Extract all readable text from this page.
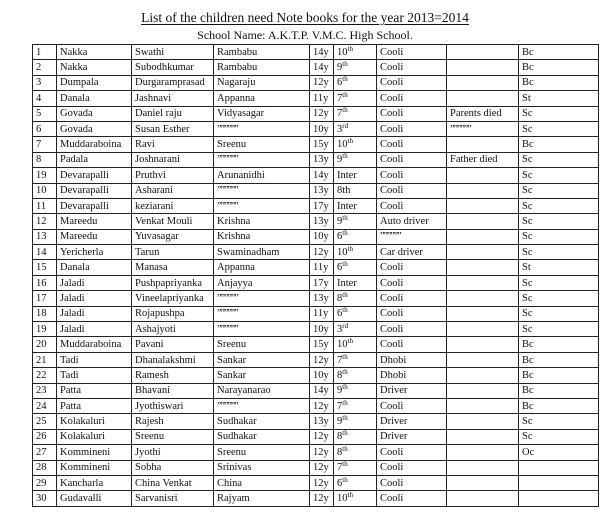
List of the children need Note books for the year 2013=2014
School Name: A.K.T.P. V.M.C. High School.
1	Nakka	Swathi	Rambabu	14y	10th	Cooli		Bc
2	Nakka	Subodhkumar	Rambabu	14y	9th	Cooli		Bc
3	Dumpala	Durgaramprasad	Nagaraju	12y	6th	Cooli		Bc
4	Danala	Jashnavi	Appanna	11y	7th	Cooli		St
5	Govada	Daniel raju	Vidyasagar	12y	7th	Cooli	Parents died	Sc
6	Govada	Susan Esther	””””””	10y	3rd	Cooli	””””””	Sc
7	Muddaraboina	Ravi	Sreenu	15y	10th	Cooli		Bc
8	Padala	Joshnarani	””””””	13y	9th	Cooli	Father died	Sc
19	Devarapalli	Pruthvi	Arunanidhi	14y	Inter	Cooli		Sc
10	Devarapalli	Asharani	””””””	13y	8th	Cooli		Sc
11	Devarapalli	keziarani	””””””	17y	Inter	Cooli		Sc
12	Mareedu	Venkat Mouli	Krishna	13y	9th	Auto driver		Sc
13	Mareedu	Yuvasagar	Krishna	10y	6th	””””””		Sc
14	Yericherla	Tarun	Swaminadham	12y	10th	Car driver		Sc
15	Danala	Manasa	Appanna	11y	6th	Cooli		St
16	Jaladi	Pushpapriyanka	Anjayya	17y	Inter	Cooli		Sc
17	Jaladi	Vineelapriyanka	””””””	13y	8th	Cooli		Sc
18	Jaladi	Rojapushpa	””””””	11y	6th	Cooli		Sc
19	Jaladi	Ashajyoti	””””””	10y	3rd	Cooli		Sc
20	Muddaraboina	Pavani	Sreenu	15y	10th	Cooli		Bc
21	Tadi	Dhanalakshmi	Sankar	12y	7th	Dhobi		Bc
22	Tadi	Ramesh	Sankar	10y	8th	Dhobi		Bc
23	Patta	Bhavani	Narayanarao	14y	9th	Driver		Bc
24	Patta	Jyothiswari	””””””	12y	7th	Cooli		Bc
25	Kolakaluri	Rajesh	Sudhakar	13y	9th	Driver		Sc
26	Kolakaluri	Sreenu	Sudhakar	12y	8th	Driver		Sc
27	Kommineni	Jyothi	Sreenu	12y	8th	Cooli		Oc
28	Kommineni	Sobha	Srinivas	12y	7th	Cooli		
29	Kancharla	China Venkat	China	12y	6th	Cooli		
30	Gudavalli	Sarvanisri	Rajyam	12y	10th	Cooli		
